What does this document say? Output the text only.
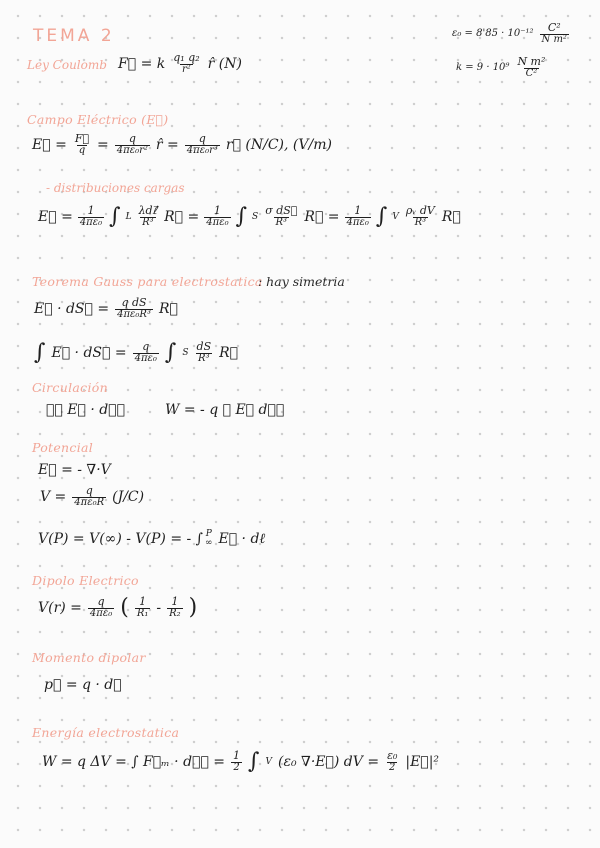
TEMA 2	$\varepsilon_0 = 8'85 \cdot 10^{-12} \frac{\text{C²}}{\text{N m²}}$
$k = 9 \cdot 10^9 \frac{\text{N m²}}{\text{C²}}$
Ley Coulomb F⃗ = k $\frac{\text{q₁ q₂}}{\text{r²}}$ r̂ (N)
Campo Eléctrico (E⃗)
E⃗ = $\frac{F⃗}{q} = \frac{q}{\text{4πε₀r²}}$ r̂ = $\frac{q}{\text{4πε₀r³}}$ r⃗ (N/C), (V/m)
- distribuciones cargas
E⃗ = $\frac{1}{\text{4πε₀}}$ ∫ L $\frac{\text{λdℓ⃗}}{\text{R³}}$ R⃗ = $\frac{1}{\text{4πε₀}}$ ∫ S $\frac{\text{σ dS⃗}}{\text{R³}}$ R⃗ = $\frac{1}{\text{4πε₀}}$ ∫ V $\frac{\text{ρᵥ dV}}{\text{R³}}$ R⃗
Teorema Gauss para electrostatica
: hay simetria
E⃗ · dS⃗ = $\frac{\text{q dS}}{\text{4πε₀R³}}$ R⃗
∫ E⃗ · dS⃗ = $\frac{q}{\text{4πε₀}}$ ∫ S $\frac{dS}{\text{R³}}$ R⃗
Circulación
∮꜀ E⃗ · dℓ⃗	W = - q ∮ E⃗ dℓ⃗
Potencial
E⃗ = - ∇·V
$V = \frac{q}{\text{4πε₀R}} (J/C)$
V(P) = V(∞) - V(P) = - ∫ P
∞ E⃗ · dℓ
Dipolo Electrico
$V(r) = \frac{q}{\text{4πε₀}}$ ( $\frac{1}{\text{R₁}} - \frac{1}{\text{R₂}}$ )
Momento dipolar
p⃗ = q · d⃗
Energía electrostatica
W = q ΔV = ∫ F⃗ₘ · dℓ⃗ = $\frac{1}{2}$ ∫ V (ε₀ ∇·E⃗) dV = $\frac{\text{ε₀}}{2}$ |E⃗|²
